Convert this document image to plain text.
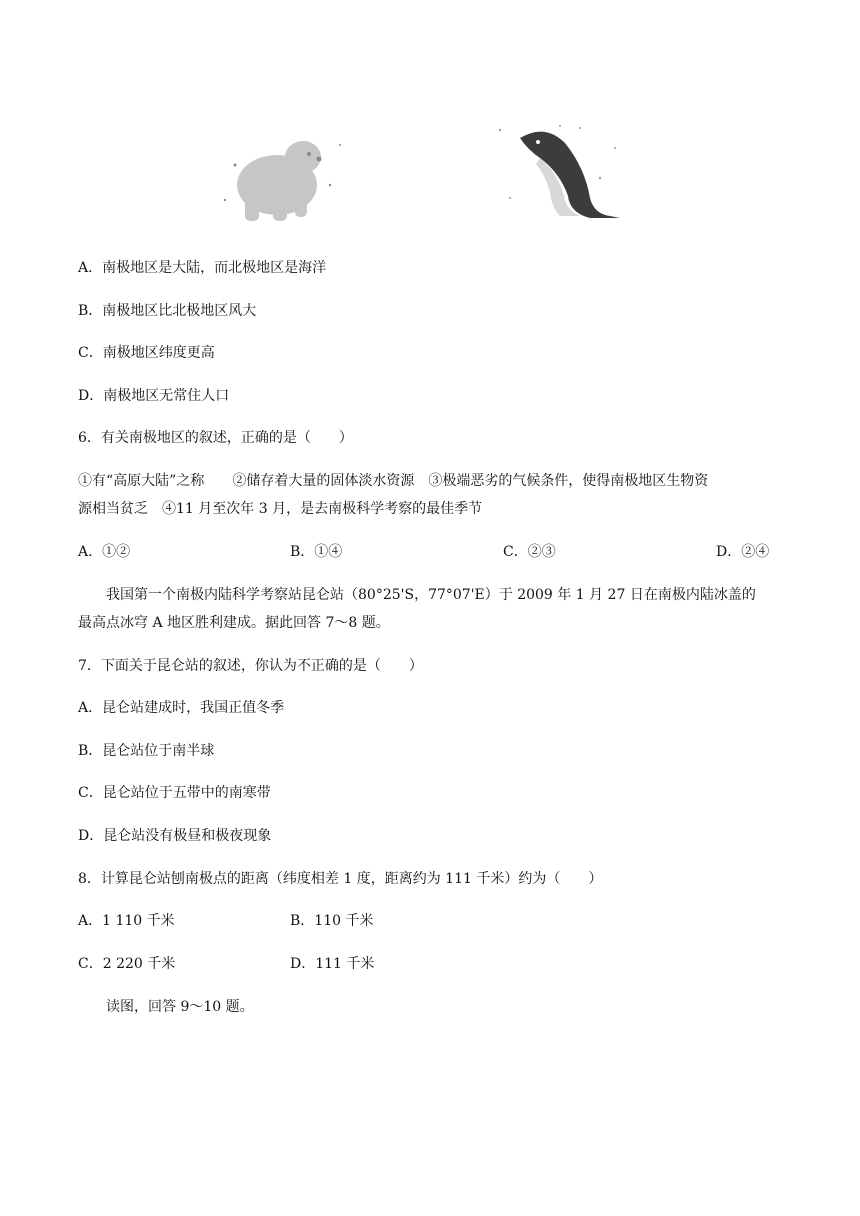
A．南极地区是大陆，而北极地区是海洋
B．南极地区比北极地区风大
C．南极地区纬度更高
D．南极地区无常住人口
6．有关南极地区的叙述，正确的是（　　）
①有“高原大陆”之称　　②储存着大量的固体淡水资源　③极端恶劣的气候条件，使得南极地区生物资
源相当贫乏　④11 月至次年 3 月，是去南极科学考察的最佳季节
A．①②	B．①④	C．②③	D．②④
我国第一个南极内陆科学考察站昆仑站（80°25'S，77°07'E）于 2009 年 1 月 27 日在南极内陆冰盖的
最高点冰穹 A 地区胜利建成。据此回答 7～8 题。
7．下面关于昆仑站的叙述，你认为不正确的是（　　）
A．昆仑站建成时，我国正值冬季
B．昆仑站位于南半球
C．昆仑站位于五带中的南寒带
D．昆仑站没有极昼和极夜现象
8．计算昆仑站刨南极点的距离（纬度相差 1 度，距离约为 111 千米）约为（　　）
A．1 110 千米	B．110 千米
C．2 220 千米	D．111 千米
读图，回答 9～10 题。
